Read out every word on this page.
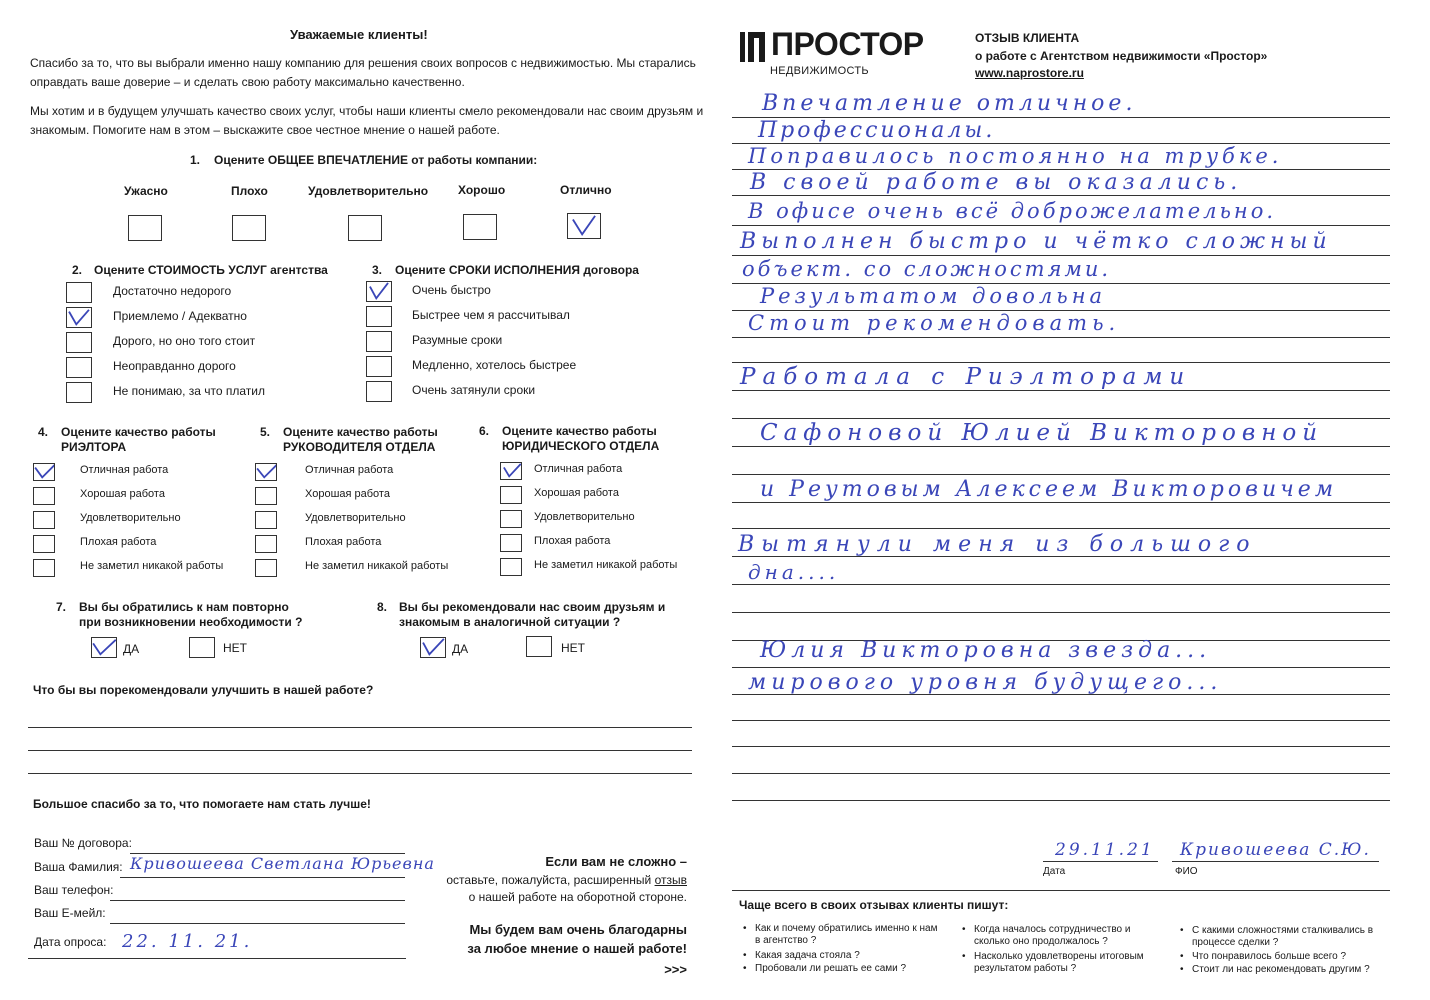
Уважаемые клиенты!
Спасибо за то, что вы выбрали именно нашу компанию для решения своих вопросов с недвижимостью. Мы старались
оправдать ваше доверие – и сделать свою работу максимально качественно.
Мы хотим и в будущем улучшать качество своих услуг, чтобы наши клиенты смело рекомендовали нас своим друзьям и
знакомым. Помогите нам в этом – выскажите свое честное мнение о нашей работе.
1. Оцените ОБЩЕЕ ВПЕЧАТЛЕНИЕ от работы компании:
Ужасно	Плохо	Удовлетворительно Хорошо	Отлично
2. Оцените СТОИМОСТЬ УСЛУГ агентства
Достаточно недорого
Приемлемо / Адекватно
Дорого, но оно того стоит
Неоправданно дорого
Не понимаю, за что платил
3. Оцените СРОКИ ИСПОЛНЕНИЯ договора
Очень быстро
Быстрее чем я рассчитывал
Разумные сроки
Медленно, хотелось быстрее
Очень затянули сроки
4. Оцените качество работы
РИЭЛТОРА
Отличная работа
Хорошая работа
Удовлетворительно
Плохая работа
Не заметил никакой работы
5. Оцените качество работы
РУКОВОДИТЕЛЯ ОТДЕЛА
Отличная работа
Хорошая работа
Удовлетворительно
Плохая работа
Не заметил никакой работы
6. Оцените качество работы
ЮРИДИЧЕСКОГО ОТДЕЛА
Отличная работа
Хорошая работа
Удовлетворительно
Плохая работа
Не заметил никакой работы
7. Вы бы обратились к нам повторно
при возникновении необходимости ?
ДА	НЕТ
8. Вы бы рекомендовали нас своим друзьям и
знакомым в аналогичной ситуации ?
ДА	НЕТ
Что бы вы порекомендовали улучшить в нашей работе?
Большое спасибо за то, что помогаете нам стать лучше!
Ваш № договора:
Ваша Фамилия: Кривошеева Светлана Юрьевна
Ваш телефон:
Ваш Е-мейл:
Дата опроса: 22. 11. 21.
Если вам не сложно –
оставьте, пожалуйста, расширенный отзыв
о нашей работе на оборотной стороне.
Мы будем вам очень благодарны
за любое мнение о нашей работе!
>>>
ПРОСТОР
НЕДВИЖИМОСТЬ
ОТЗЫВ КЛИЕНТА
о работе с Агентством недвижимости «Простор»
www.naprostore.ru
Впечатление отличное.
Профессионалы.
Поправилось постоянно на трубке.
В своей работе вы оказались.
В офисе очень всё доброжелательно.
Выполнен быстро и чётко сложный
объект. со сложностями.
Результатом довольна
Стоит рекомендовать.
Работала с Риэлторами
Сафоновой Юлией Викторовной
и Реутовым Алексеем Викторовичем
Вытянули меня из большого
дна....
Юлия Викторовна звезда...
мирового уровня будущего...
29.11.21 Кривошеева С.Ю.
Дата	ФИО
Чаще всего в своих отзывах клиенты пишут:
• Как и почему обратились именно к нам в агентство ?
• Какая задача стояла ?
• Пробовали ли решать ее сами ?
• Когда началось сотрудничество и сколько оно продолжалось ?
• Насколько удовлетворены итоговым результатом работы ?
• С какими сложностями сталкивались в процессе сделки ?
• Что понравилось больше всего ?
• Стоит ли нас рекомендовать другим ?
